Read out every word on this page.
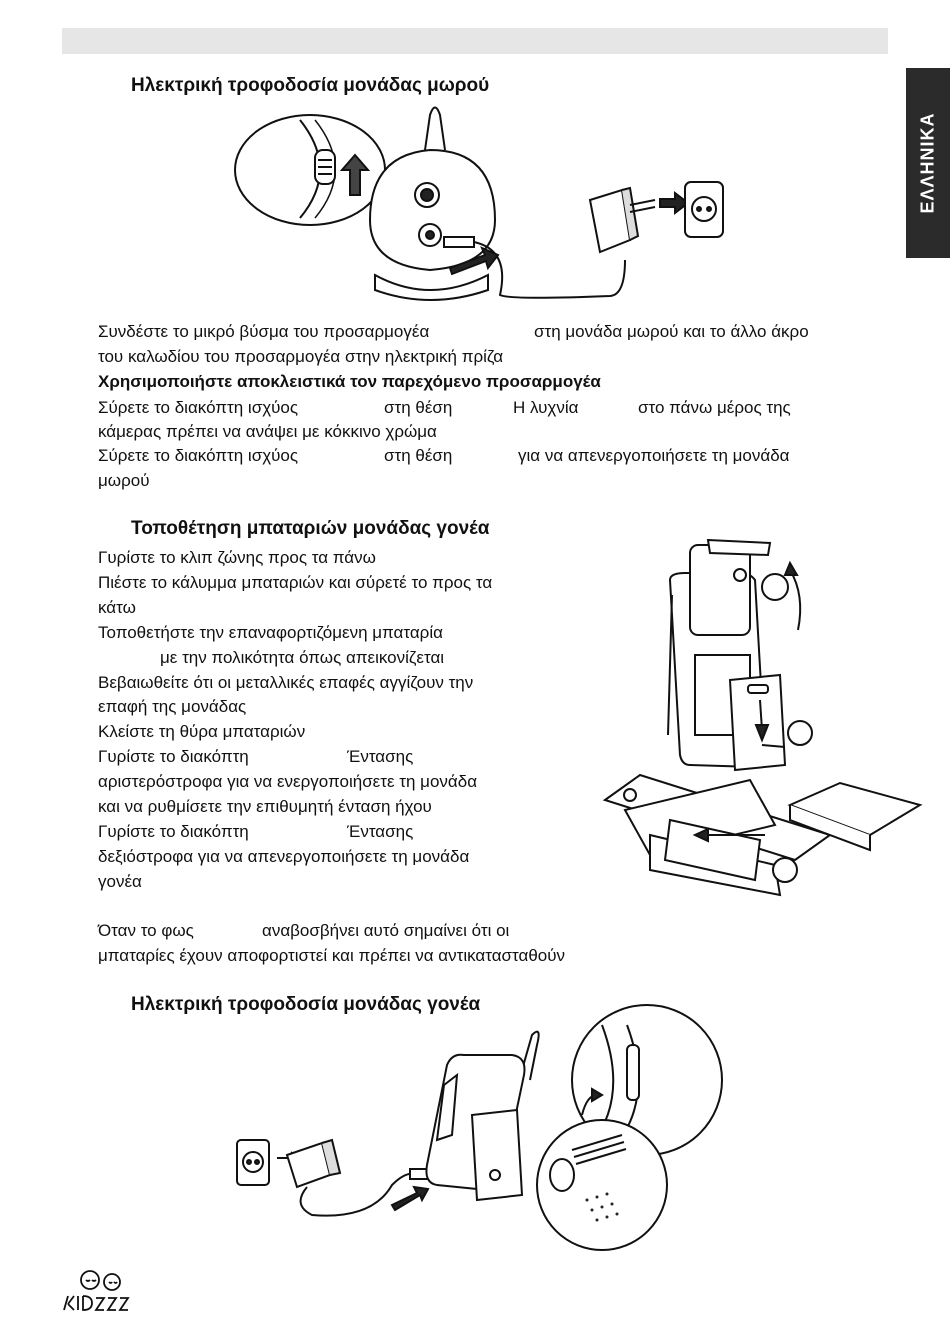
ΕΛΛΗΝΙΚΑ
Ηλεκτρική τροφοδοσία μονάδας μωρού
Συνδέστε το μικρό βύσμα του προσαρμογέα	στη μονάδα μωρού και το άλλο άκρο
του καλωδίου του προσαρμογέα στην ηλεκτρική πρίζα
Χρησιμοποιήστε αποκλειστικά τον παρεχόμενο προσαρμογέα
Σύρετε το διακόπτη ισχύος	στη θέση	Η λυχνία	στο πάνω μέρος της
κάμερας πρέπει να ανάψει με κόκκινο χρώμα
Σύρετε το διακόπτη ισχύος	στη θέση	για να απενεργοποιήσετε τη μονάδα
μωρού
Τοποθέτηση μπαταριών μονάδας γονέα
Γυρίστε το κλιπ ζώνης προς τα πάνω
Πιέστε το κάλυμμα μπαταριών και σύρετέ το προς τα
κάτω
Τοποθετήστε την επαναφορτιζόμενη μπαταρία
με την πολικότητα όπως απεικονίζεται
Βεβαιωθείτε ότι οι μεταλλικές επαφές αγγίζουν την
επαφή της μονάδας
Κλείστε τη θύρα μπαταριών
Γυρίστε το διακόπτη	Έντασης
αριστερόστροφα για να ενεργοποιήσετε τη μονάδα
και να ρυθμίσετε την επιθυμητή ένταση ήχου
Γυρίστε το διακόπτη	Έντασης
δεξιόστροφα για να απενεργοποιήσετε τη μονάδα
γονέα
Όταν το φως	αναβοσβήνει αυτό σημαίνει ότι οι
μπαταρίες έχουν αποφορτιστεί και πρέπει να αντικατασταθούν
Ηλεκτρική τροφοδοσία μονάδας γονέα
